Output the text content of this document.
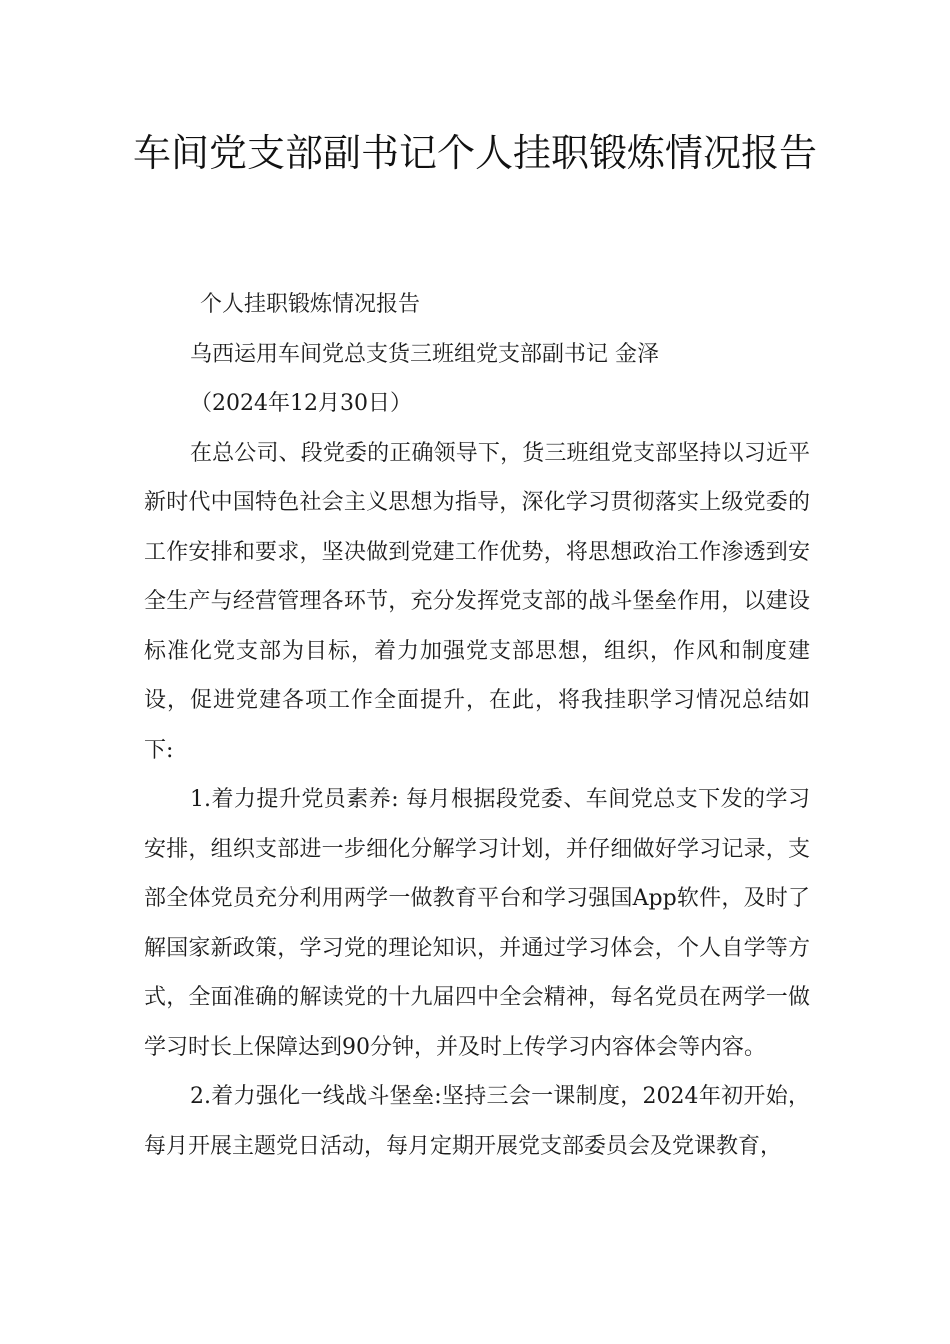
车间党支部副书记个人挂职锻炼情况报告

个人挂职锻炼情况报告

乌西运用车间党总支货三班组党支部副书记 金泽

（2024年12月30日）

在总公司、段党委的正确领导下，货三班组党支部坚持以习近平新时代中国特色社会主义思想为指导，深化学习贯彻落实上级党委的工作安排和要求，坚决做到党建工作优势，将思想政治工作渗透到安全生产与经营管理各环节，充分发挥党支部的战斗堡垒作用，以建设标准化党支部为目标，着力加强党支部思想，组织，作风和制度建设，促进党建各项工作全面提升，在此，将我挂职学习情况总结如下:

1.着力提升党员素养: 每月根据段党委、车间党总支下发的学习安排，组织支部进一步细化分解学习计划，并仔细做好学习记录，支部全体党员充分利用两学一做教育平台和学习强国App软件，及时了解国家新政策，学习党的理论知识，并通过学习体会，个人自学等方式，全面准确的解读党的十九届四中全会精神，每名党员在两学一做学习时长上保障达到90分钟，并及时上传学习内容体会等内容。

2.着力强化一线战斗堡垒:坚持三会一课制度，2024年初开始，每月开展主题党日活动，每月定期开展党支部委员会及党课教育，
